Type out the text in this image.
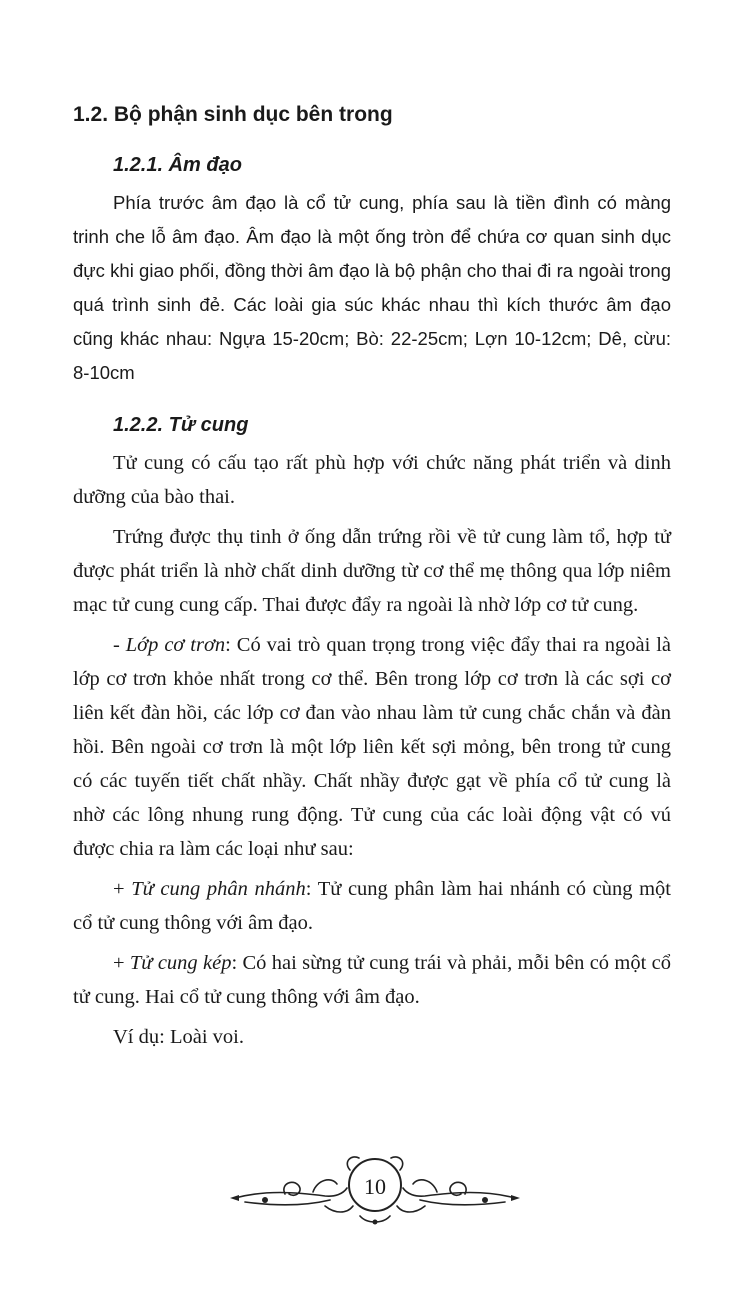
1.2. Bộ phận sinh dục bên trong
1.2.1. Âm đạo

Phía trước âm đạo là cổ tử cung, phía sau là tiền đình có màng trinh che lỗ âm đạo. Âm đạo là một ống tròn để chứa cơ quan sinh dục đực khi giao phối, đồng thời âm đạo là bộ phận cho thai đi ra ngoài trong quá trình sinh đẻ. Các loài gia súc khác nhau thì kích thước âm đạo cũng khác nhau: Ngựa 15-20cm; Bò: 22-25cm; Lợn 10-12cm; Dê, cừu: 8-10cm

1.2.2. Tử cung

Tử cung có cấu tạo rất phù hợp với chức năng phát triển và dinh dưỡng của bào thai.

Trứng được thụ tinh ở ống dẫn trứng rồi về tử cung làm tổ, hợp tử được phát triển là nhờ chất dinh dưỡng từ cơ thể mẹ thông qua lớp niêm mạc tử cung cung cấp. Thai được đẩy ra ngoài là nhờ lớp cơ tử cung.

- Lớp cơ trơn: Có vai trò quan trọng trong việc đẩy thai ra ngoài là lớp cơ trơn khỏe nhất trong cơ thể. Bên trong lớp cơ trơn là các sợi cơ liên kết đàn hồi, các lớp cơ đan vào nhau làm tử cung chắc chắn và đàn hồi. Bên ngoài cơ trơn là một lớp liên kết sợi mỏng, bên trong tử cung có các tuyến tiết chất nhầy. Chất nhầy được gạt về phía cổ tử cung là nhờ các lông nhung rung động. Tử cung của các loài động vật có vú được chia ra làm các loại như sau:

+ Tử cung phân nhánh: Tử cung phân làm hai nhánh có cùng một cổ tử cung thông với âm đạo.

+ Tử cung kép: Có hai sừng tử cung trái và phải, mỗi bên có một cổ tử cung. Hai cổ tử cung thông với âm đạo.

Ví dụ: Loài voi.

10
